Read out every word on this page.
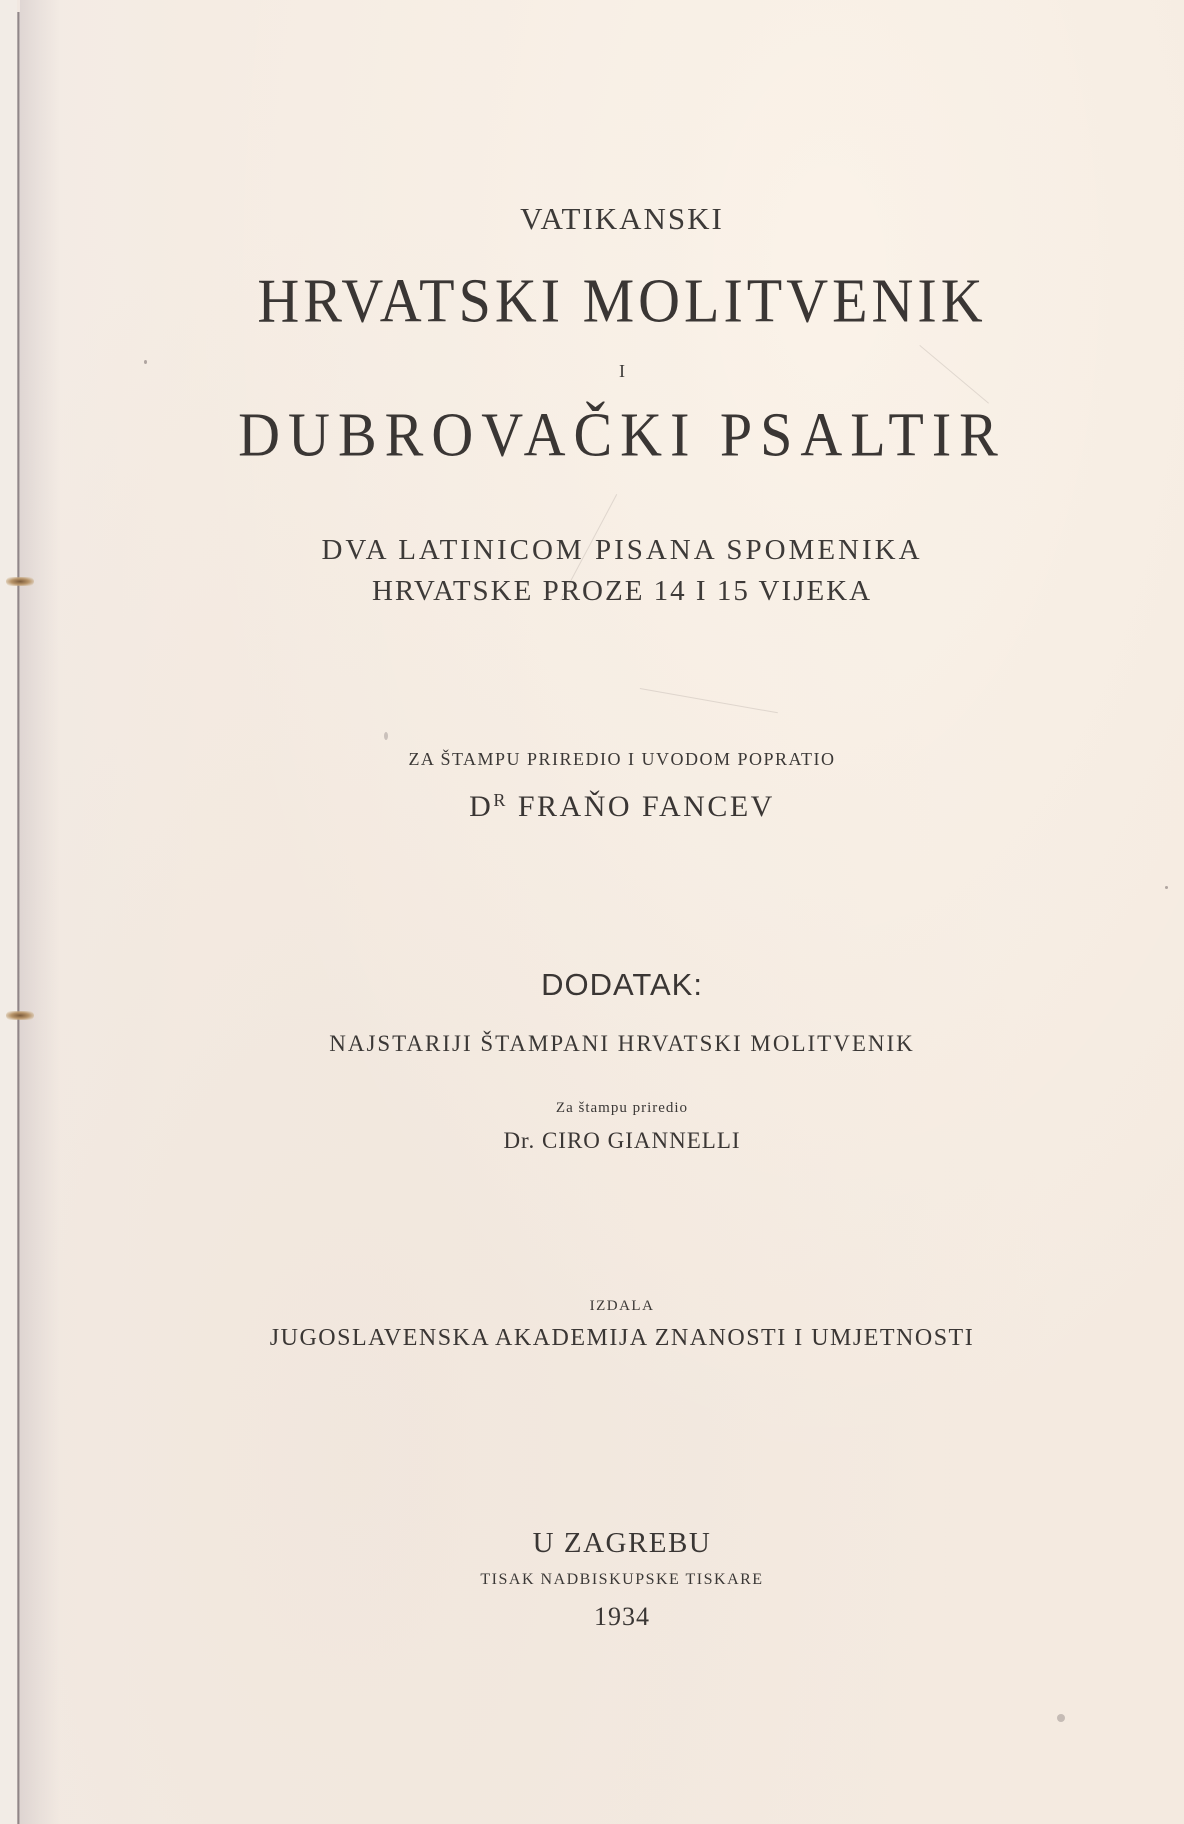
VATIKANSKI
HRVATSKI MOLITVENIK
I
DUBROVAČKI PSALTIR
DVA LATINICOM PISANA SPOMENIKA
HRVATSKE PROZE 14 I 15 VIJEKA
ZA ŠTAMPU PRIREDIO I UVODOM POPRATIO
$D^R$ FRAŇO FANCEV
DODATAK:
NAJSTARIJI ŠTAMPANI HRVATSKI MOLITVENIK
Za štampu priredio
Dr. CIRO GIANNELLI
IZDALA
JUGOSLAVENSKA AKADEMIJA ZNANOSTI I UMJETNOSTI
U ZAGREBU
TISAK NADBISKUPSKE TISKARE
1934
